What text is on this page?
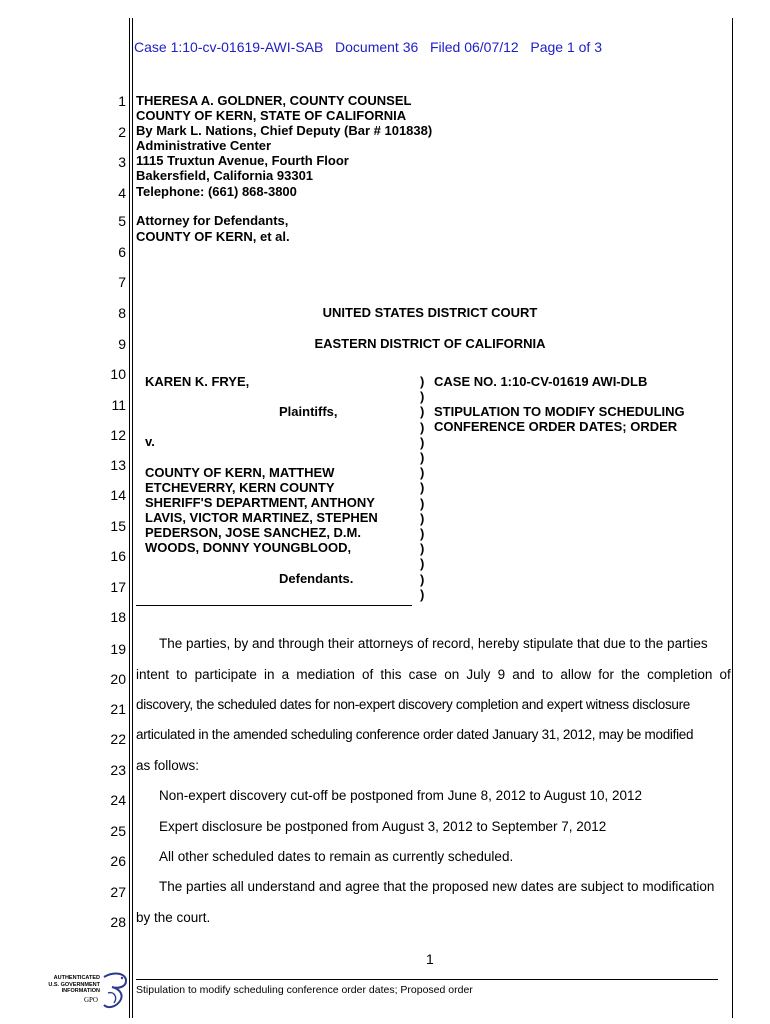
Case 1:10-cv-01619-AWI-SAB Document 36 Filed 06/07/12 Page 1 of 3
1
2
3
4
5
6
7
8
9
10
11
12
13
14
15
16
17
18
19
20
21
22
23
24
25
26
27
28
THERESA A. GOLDNER, COUNTY COUNSEL
COUNTY OF KERN, STATE OF CALIFORNIA
By Mark L. Nations, Chief Deputy (Bar # 101838)
Administrative Center
1115 Truxtun Avenue, Fourth Floor
Bakersfield, California 93301
Telephone: (661) 868-3800
Attorney for Defendants,
COUNTY OF KERN, et al.
UNITED STATES DISTRICT COURT
EASTERN DISTRICT OF CALIFORNIA
KAREN K. FRYE,
Plaintiffs,
v.
COUNTY OF KERN, MATTHEW
ETCHEVERRY, KERN COUNTY
SHERIFF'S DEPARTMENT, ANTHONY
LAVIS, VICTOR MARTINEZ, STEPHEN
PEDERSON, JOSE SANCHEZ, D.M.
WOODS, DONNY YOUNGBLOOD,
Defendants.
)
)
)
)
)
)
)
)
)
)
)
)
)
)
)
CASE NO. 1:10-CV-01619 AWI-DLB
STIPULATION TO MODIFY SCHEDULING
CONFERENCE ORDER DATES; ORDER
The parties, by and through their attorneys of record, hereby stipulate that due to the parties
intent to participate in a mediation of this case on July 9 and to allow for the completion of
discovery, the scheduled dates for non-expert discovery completion and expert witness disclosure
articulated in the amended scheduling conference order dated January 31, 2012, may be modified
as follows:
Non-expert discovery cut-off be postponed from June 8, 2012 to August 10, 2012
Expert disclosure be postponed from August 3, 2012 to September 7, 2012
All other scheduled dates to remain as currently scheduled.
The parties all understand and agree that the proposed new dates are subject to modification
by the court.
1
Stipulation to modify scheduling conference order dates; Proposed order
AUTHENTICATED
U.S. GOVERNMENT
INFORMATION
GPO
